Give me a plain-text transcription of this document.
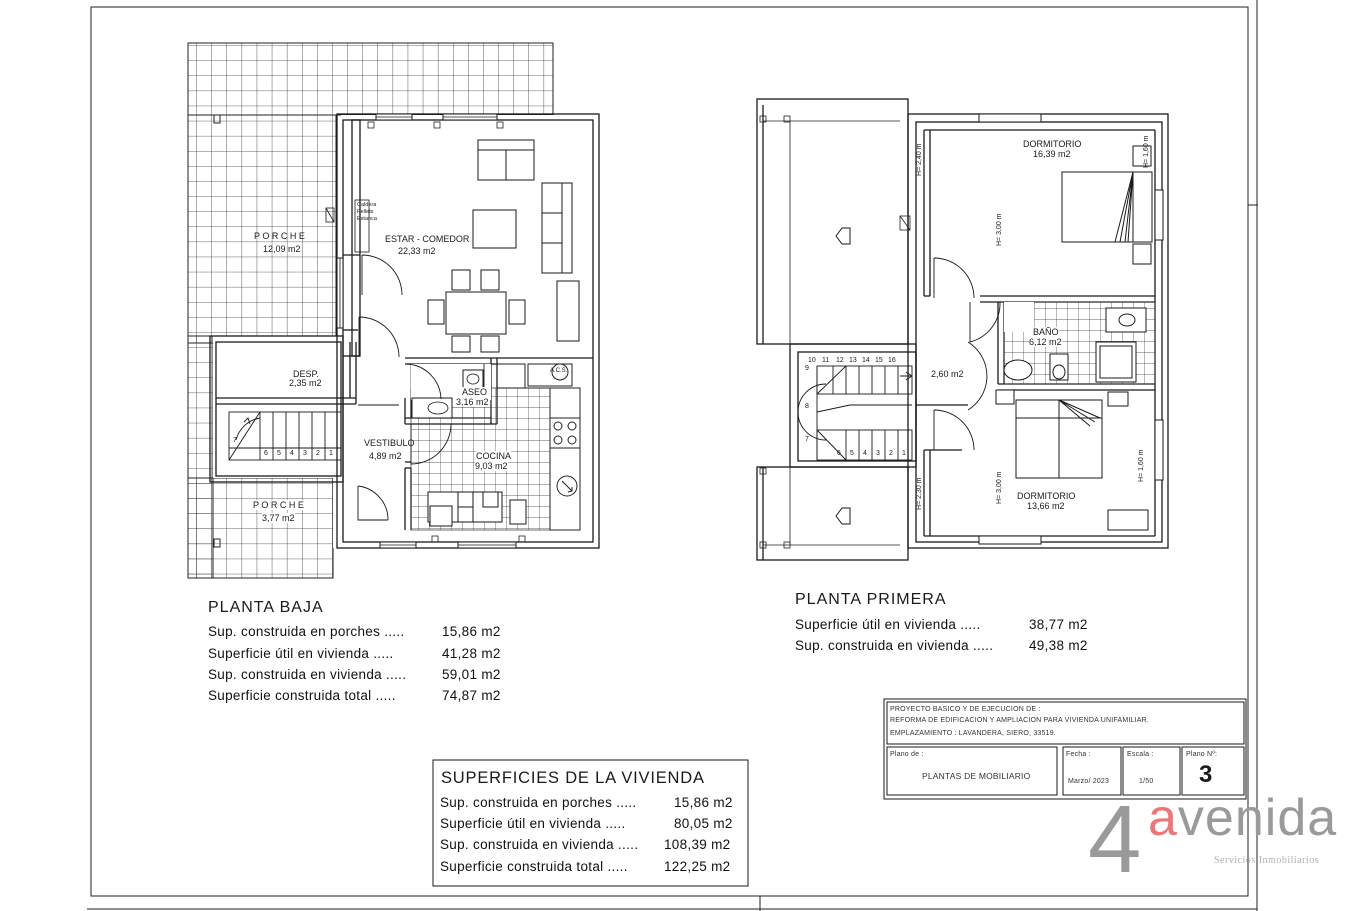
P O R C H E
12,09 m2
ESTAR - COMEDOR
22,33 m2
Caldera
Pellets
Estanca
DESP.
2,35 m2
ASEO
3,16 m2
A.C.S.
VESTIBULO
4,89 m2	COCINA
9,03 m2
P O R C H E
3,77 m2
7
DORMITORIO
16,39 m2
BAÑO
6,12 m2
2,60 m2
DORMITORIO
13,66 m2
H= 2,40 m
H= 3,00 m
H= 1,60 m
H= 2,30 m	H= 3,00 m
H= 1,60 m
6 5 4 3 2 1
10 11 12 13 14 15 16
9
8
7
6 5 4 3 2 1
PLANTA BAJA
Sup. construida en porches .....	15,86 m2
Superficie útil en vivienda .....	41,28 m2
Sup. construida en vivienda .....	59,01 m2
Superficie construida total .....	74,87 m2
PLANTA PRIMERA
Superficie útil en vivienda .....	38,77 m2
Sup. construida en vivienda .....	49,38 m2
SUPERFICIES DE LA VIVIENDA
Sup. construida en porches .....	15,86 m2
Superficie útil en vivienda .....	80,05 m2
Sup. construida en vivienda ..... 108,39 m2
Superficie construida total .....	122,25 m2
PROYECTO BASICO Y DE EJECUCION DE :
REFORMA DE EDIFICACION Y AMPLIACION PARA VIVIENDA UNIFAMILIAR.
EMPLAZAMIENTO : LAVANDERA, SIERO, 33519.
Plano de :
PLANTAS DE MOBILIARIO
Fecha :
Marzo/ 2023
Escala :
1/50
Plano Nº:
3
4 avenida
Servicios Inmobiliarios
